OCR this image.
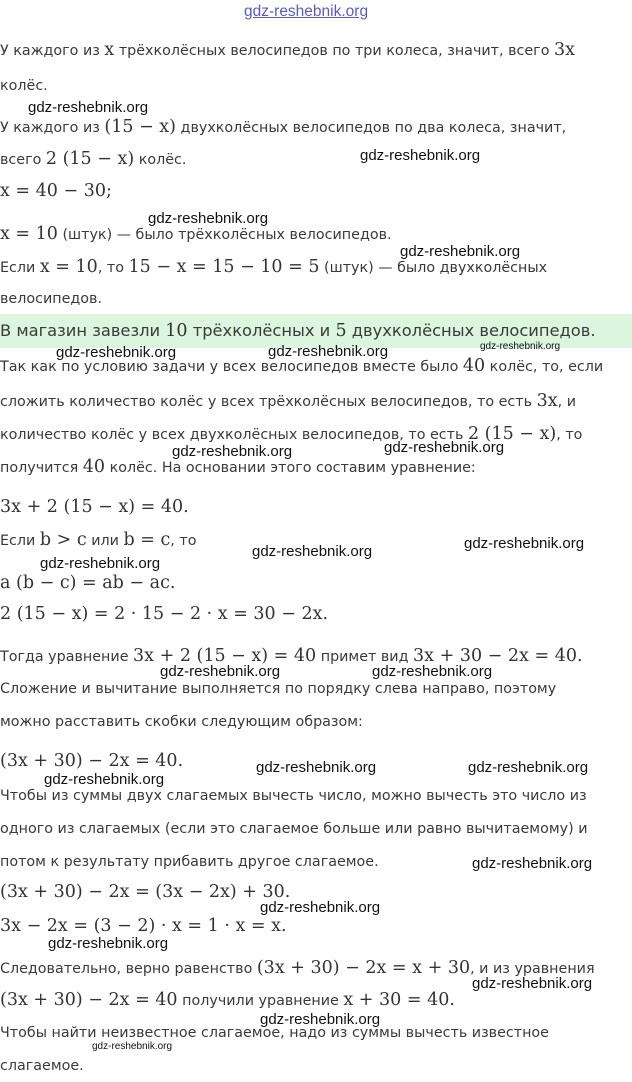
У каждого из x трёхколёсных велосипедов по три колеса, значит, всего 3x
колёс.
У каждого из (15 − x) двухколёсных велосипедов по два колеса, значит,
всего 2 (15 − x) колёс.
x = 40 − 30;
x = 10 (штук) — было трёхколёсных велосипедов.
Если x = 10, то 15 − x = 15 − 10 = 5 (штук) — было двухколёсных
велосипедов.
В магазин завезли 10 трёхколёсных и 5 двухколёсных велосипедов.
Так как по условию задачи у всех велосипедов вместе было 40 колёс, то, если
сложить количество колёс у всех трёхколёсных велосипедов, то есть 3x, и
количество колёс у всех двухколёсных велосипедов, то есть 2 (15 − x), то
получится 40 колёс. На основании этого составим уравнение:
3x + 2 (15 − x) = 40.
Если b > c или b = c, то
a (b − c) = ab − ac.
2 (15 − x) = 2 · 15 − 2 · x = 30 − 2x.
Тогда уравнение 3x + 2 (15 − x) = 40 примет вид 3x + 30 − 2x = 40.
Сложение и вычитание выполняется по порядку слева направо, поэтому
можно расставить скобки следующим образом:
(3x + 30) − 2x = 40.
Чтобы из суммы двух слагаемых вычесть число, можно вычесть это число из
одного из слагаемых (если это слагаемое больше или равно вычитаемому) и
потом к результату прибавить другое слагаемое.
(3x + 30) − 2x = (3x − 2x) + 30.
3x − 2x = (3 − 2) · x = 1 · x = x.
Следовательно, верно равенство (3x + 30) − 2x = x + 30, и из уравнения
(3x + 30) − 2x = 40 получили уравнение x + 30 = 40.
Чтобы найти неизвестное слагаемое, надо из суммы вычесть известное
слагаемое.
gdz-reshebnik.org
gdz-reshebnik.org
gdz-reshebnik.org
gdz-reshebnik.org
gdz-reshebnik.org
gdz-reshebnik.org	gdz-reshebnik.org	gdz-reshebnik.org
gdz-reshebnik.org	gdz-reshebnik.org
gdz-reshebnik.org
gdz-reshebnik.org
gdz-reshebnik.org
gdz-reshebnik.org	gdz-reshebnik.org
gdz-reshebnik.org	gdz-reshebnik.org
gdz-reshebnik.org
gdz-reshebnik.org
gdz-reshebnik.org
gdz-reshebnik.org
gdz-reshebnik.org
gdz-reshebnik.org
gdz-reshebnik.org
